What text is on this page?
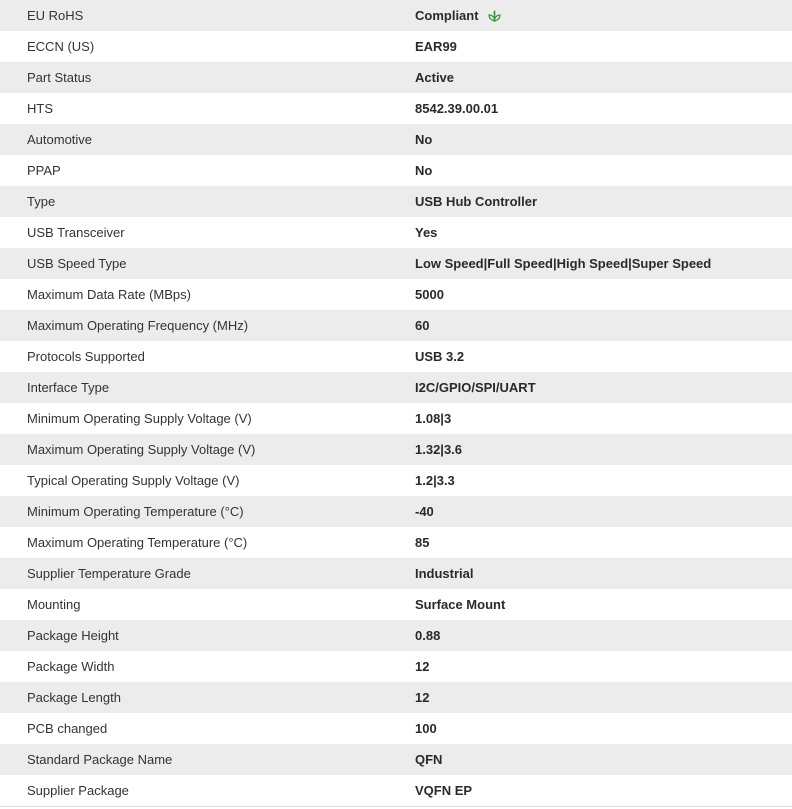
EU RoHS	Compliant
ECCN (US)	EAR99
Part Status	Active
HTS	8542.39.00.01
Automotive	No
PPAP	No
Type	USB Hub Controller
USB Transceiver	Yes
USB Speed Type	Low Speed|Full Speed|High Speed|Super Speed
Maximum Data Rate (MBps)	5000
Maximum Operating Frequency (MHz)	60
Protocols Supported	USB 3.2
Interface Type	I2C/GPIO/SPI/UART
Minimum Operating Supply Voltage (V)	1.08|3
Maximum Operating Supply Voltage (V)	1.32|3.6
Typical Operating Supply Voltage (V)	1.2|3.3
Minimum Operating Temperature (°C)	-40
Maximum Operating Temperature (°C)	85
Supplier Temperature Grade	Industrial
Mounting	Surface Mount
Package Height	0.88
Package Width	12
Package Length	12
PCB changed	100
Standard Package Name	QFN
Supplier Package	VQFN EP
